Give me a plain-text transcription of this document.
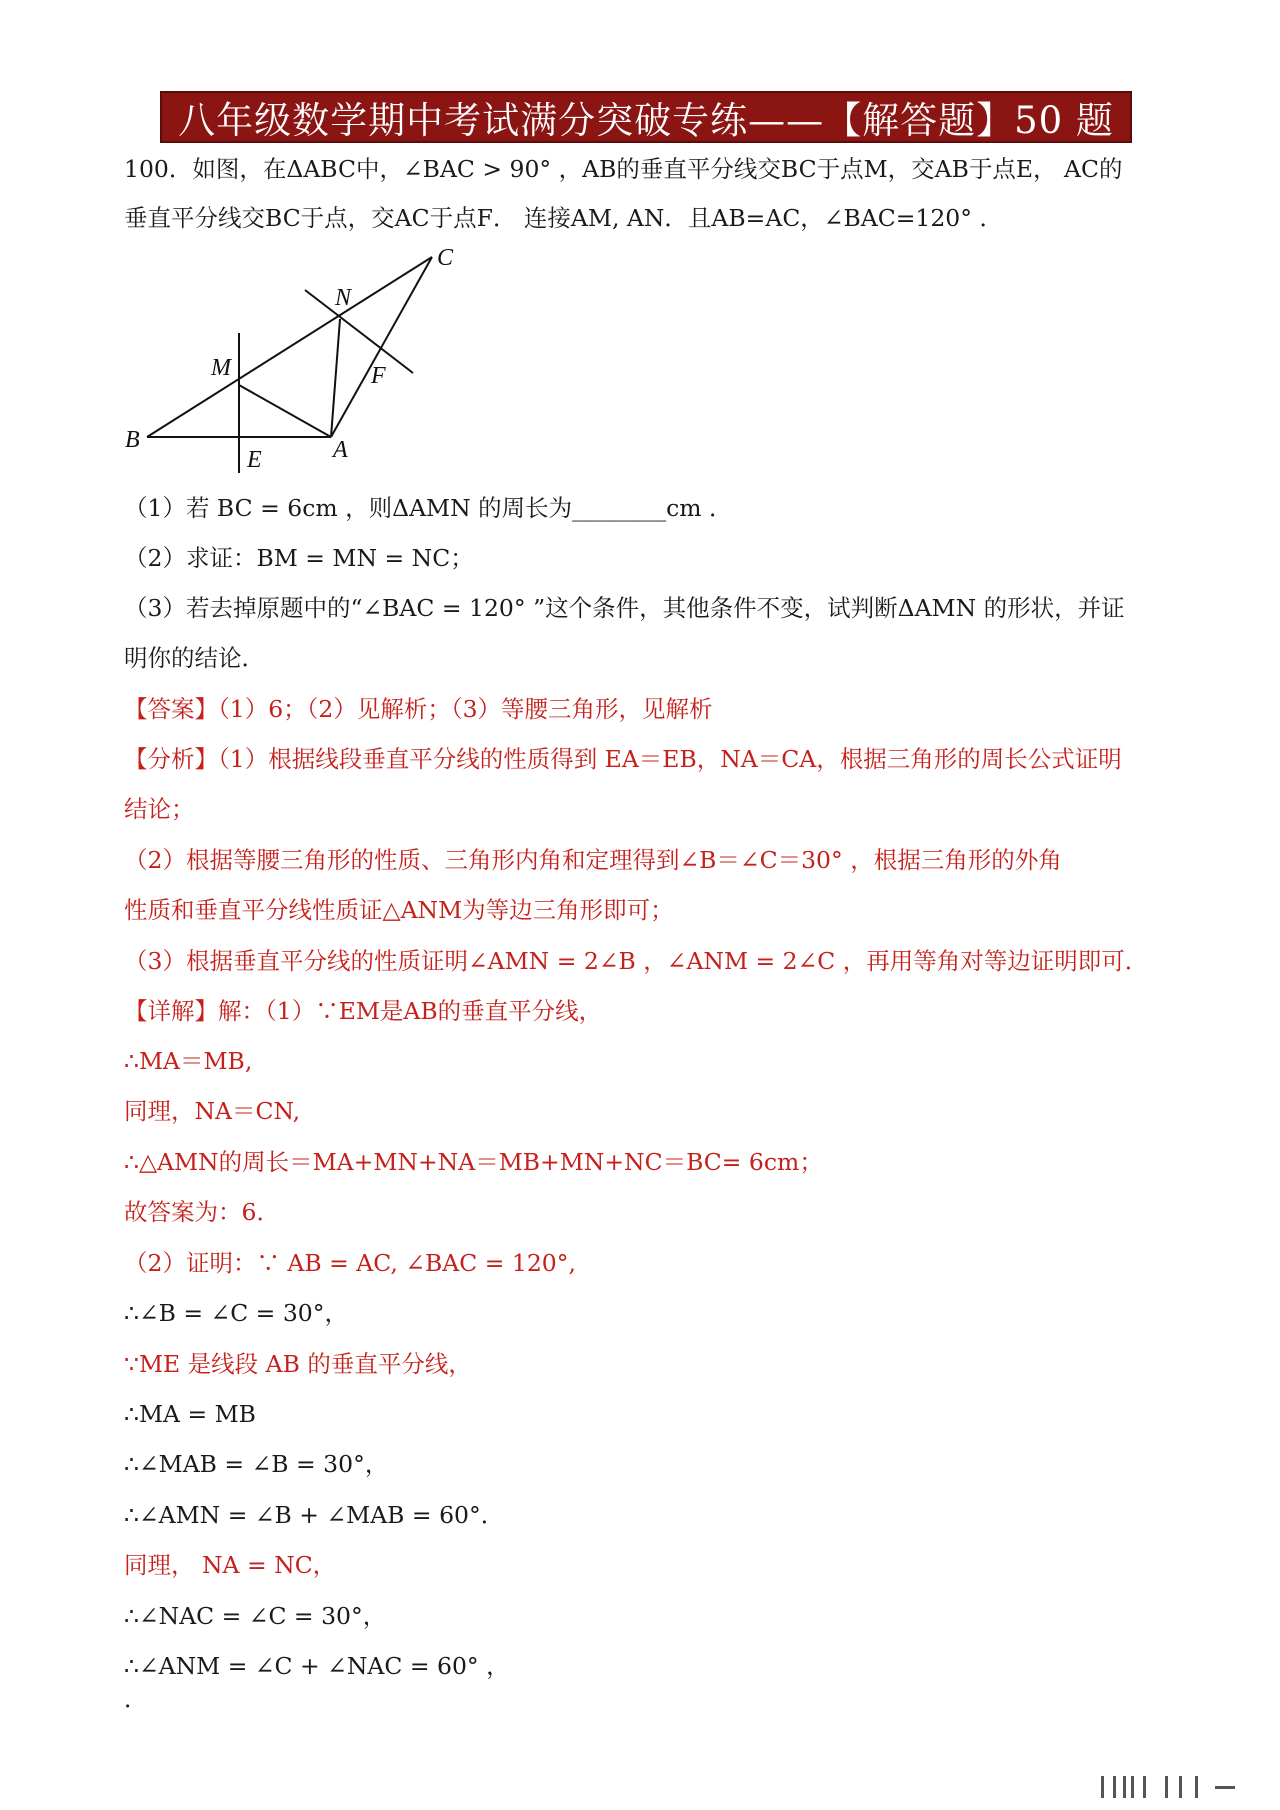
八年级数学期中考试满分突破专练——【解答题】50 题
100．如图，在ΔABC中，∠BAC > 90° ，AB的垂直平分线交BC于点M，交AB于点E， AC的
垂直平分线交BC于点，交AC于点F． 连接AM, AN．且AB=AC，∠BAC=120° ．
B
C
M
N
E
F
A
（1）若 BC = 6cm ，则ΔAMN 的周长为________cm ．
（2）求证：BM = MN = NC；
（3）若去掉原题中的“∠BAC = 120° ”这个条件，其他条件不变，试判断ΔAMN 的形状，并证
明你的结论．
【答案】（1）6；（2）见解析；（3）等腰三角形，见解析
【分析】（1）根据线段垂直平分线的性质得到 EA＝EB，NA＝CA，根据三角形的周长公式证明
结论；
（2）根据等腰三角形的性质、三角形内角和定理得到∠B＝∠C＝30° ，根据三角形的外角
性质和垂直平分线性质证△ANM为等边三角形即可；
（3）根据垂直平分线的性质证明∠AMN = 2∠B ，∠ANM = 2∠C ，再用等角对等边证明即可．
【详解】解：（1）∵EM是AB的垂直平分线，
∴MA＝MB,
同理，NA＝CN,
∴△AMN的周长＝MA+MN+NA＝MB+MN+NC＝BC= 6cm；
故答案为：6．
（2）证明：∵ AB = AC, ∠BAC = 120°,
∴∠B = ∠C = 30°，
∵ME 是线段 AB 的垂直平分线，
∴MA = MB
∴∠MAB = ∠B = 30°，
∴∠AMN = ∠B + ∠MAB = 60°．
同理， NA = NC，
∴∠NAC = ∠C = 30°，
∴∠ANM = ∠C + ∠NAC = 60° ，
．
